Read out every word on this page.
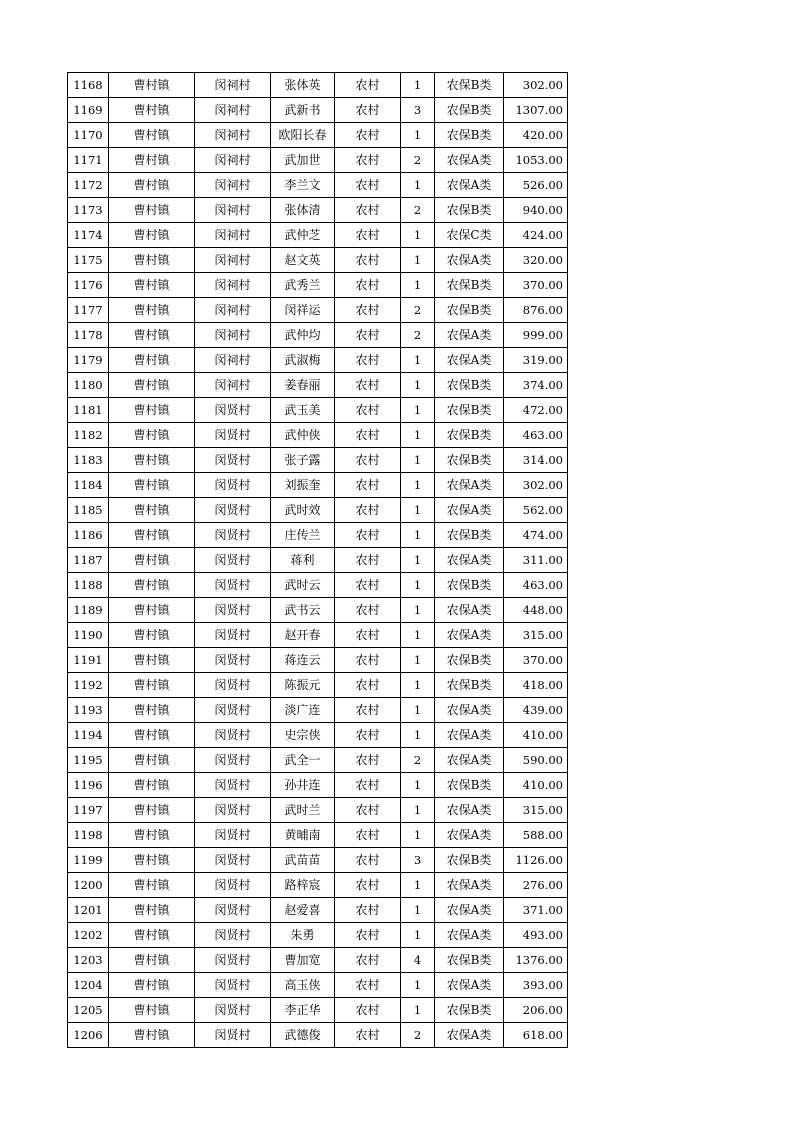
1168	曹村镇	闵祠村	张体英	农村	1	农保B类	302.00
1169	曹村镇	闵祠村	武新书	农村	3	农保B类	1307.00
1170	曹村镇	闵祠村	欧阳长春	农村	1	农保B类	420.00
1171	曹村镇	闵祠村	武加世	农村	2	农保A类	1053.00
1172	曹村镇	闵祠村	李兰文	农村	1	农保A类	526.00
1173	曹村镇	闵祠村	张体清	农村	2	农保B类	940.00
1174	曹村镇	闵祠村	武仲芝	农村	1	农保C类	424.00
1175	曹村镇	闵祠村	赵文英	农村	1	农保A类	320.00
1176	曹村镇	闵祠村	武秀兰	农村	1	农保B类	370.00
1177	曹村镇	闵祠村	闵祥运	农村	2	农保B类	876.00
1178	曹村镇	闵祠村	武仲均	农村	2	农保A类	999.00
1179	曹村镇	闵祠村	武淑梅	农村	1	农保A类	319.00
1180	曹村镇	闵祠村	姜春丽	农村	1	农保B类	374.00
1181	曹村镇	闵贤村	武玉美	农村	1	农保B类	472.00
1182	曹村镇	闵贤村	武仲侠	农村	1	农保B类	463.00
1183	曹村镇	闵贤村	张子露	农村	1	农保B类	314.00
1184	曹村镇	闵贤村	刘振奎	农村	1	农保A类	302.00
1185	曹村镇	闵贤村	武时效	农村	1	农保A类	562.00
1186	曹村镇	闵贤村	庄传兰	农村	1	农保B类	474.00
1187	曹村镇	闵贤村	蒋利	农村	1	农保A类	311.00
1188	曹村镇	闵贤村	武时云	农村	1	农保B类	463.00
1189	曹村镇	闵贤村	武书云	农村	1	农保A类	448.00
1190	曹村镇	闵贤村	赵开春	农村	1	农保A类	315.00
1191	曹村镇	闵贤村	蒋连云	农村	1	农保B类	370.00
1192	曹村镇	闵贤村	陈振元	农村	1	农保B类	418.00
1193	曹村镇	闵贤村	淡广连	农村	1	农保A类	439.00
1194	曹村镇	闵贤村	史宗侠	农村	1	农保A类	410.00
1195	曹村镇	闵贤村	武全一	农村	2	农保A类	590.00
1196	曹村镇	闵贤村	孙井连	农村	1	农保B类	410.00
1197	曹村镇	闵贤村	武时兰	农村	1	农保A类	315.00
1198	曹村镇	闵贤村	黄晡南	农村	1	农保A类	588.00
1199	曹村镇	闵贤村	武苗苗	农村	3	农保B类	1126.00
1200	曹村镇	闵贤村	路梓宸	农村	1	农保A类	276.00
1201	曹村镇	闵贤村	赵爱喜	农村	1	农保A类	371.00
1202	曹村镇	闵贤村	朱勇	农村	1	农保A类	493.00
1203	曹村镇	闵贤村	曹加宽	农村	4	农保B类	1376.00
1204	曹村镇	闵贤村	高玉侠	农村	1	农保A类	393.00
1205	曹村镇	闵贤村	李正华	农村	1	农保B类	206.00
1206	曹村镇	闵贤村	武德俊	农村	2	农保A类	618.00
